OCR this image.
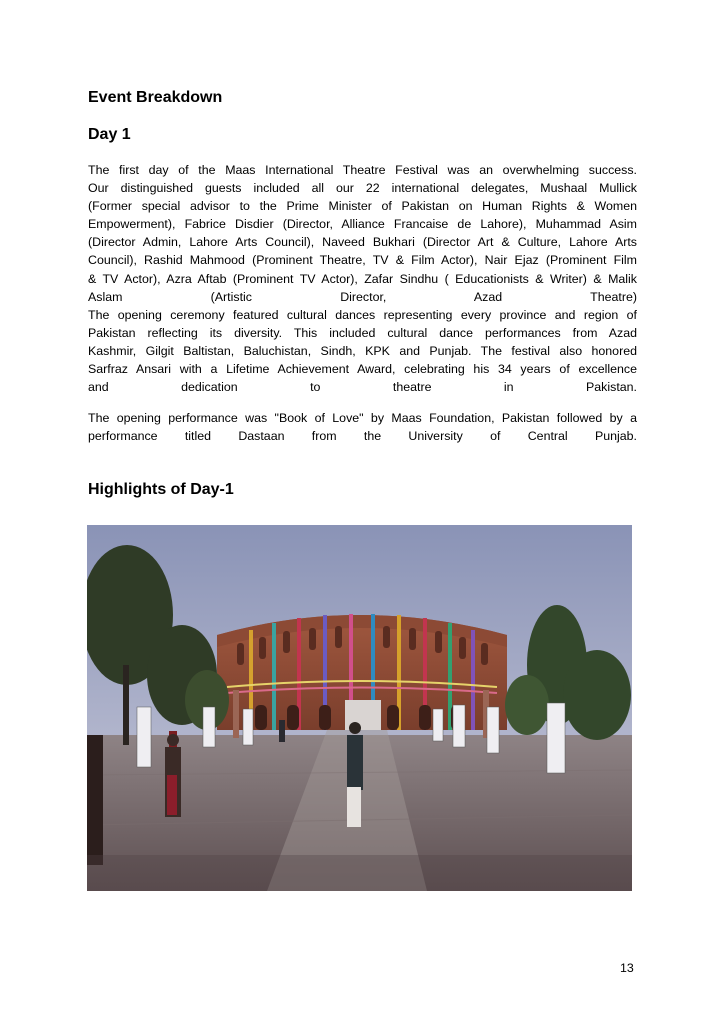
Event Breakdown
Day 1
The first day of the Maas International Theatre Festival was an overwhelming success.
Our distinguished guests included all our 22 international delegates, Mushaal Mullick
(Former special advisor to the Prime Minister of Pakistan on Human Rights & Women
Empowerment), Fabrice Disdier (Director, Alliance Francaise de Lahore), Muhammad Asim
(Director Admin, Lahore Arts Council), Naveed Bukhari (Director Art & Culture, Lahore Arts
Council), Rashid Mahmood (Prominent Theatre, TV & Film Actor), Nair Ejaz (Prominent Film
& TV Actor), Azra Aftab (Prominent TV Actor), Zafar Sindhu ( Educationists & Writer) & Malik
Aslam (Artistic Director, Azad Theatre)
The opening ceremony featured cultural dances representing every province and region of
Pakistan reflecting its diversity. This included cultural dance performances from Azad
Kashmir, Gilgit Baltistan, Baluchistan, Sindh, KPK and Punjab. The festival also honored
Sarfraz Ansari with a Lifetime Achievement Award, celebrating his 34 years of excellence
and dedication to theatre in Pakistan.
The opening performance was "Book of Love" by Maas Foundation, Pakistan followed by a
performance titled Dastaan from the University of Central Punjab.
Highlights of Day-1
13
